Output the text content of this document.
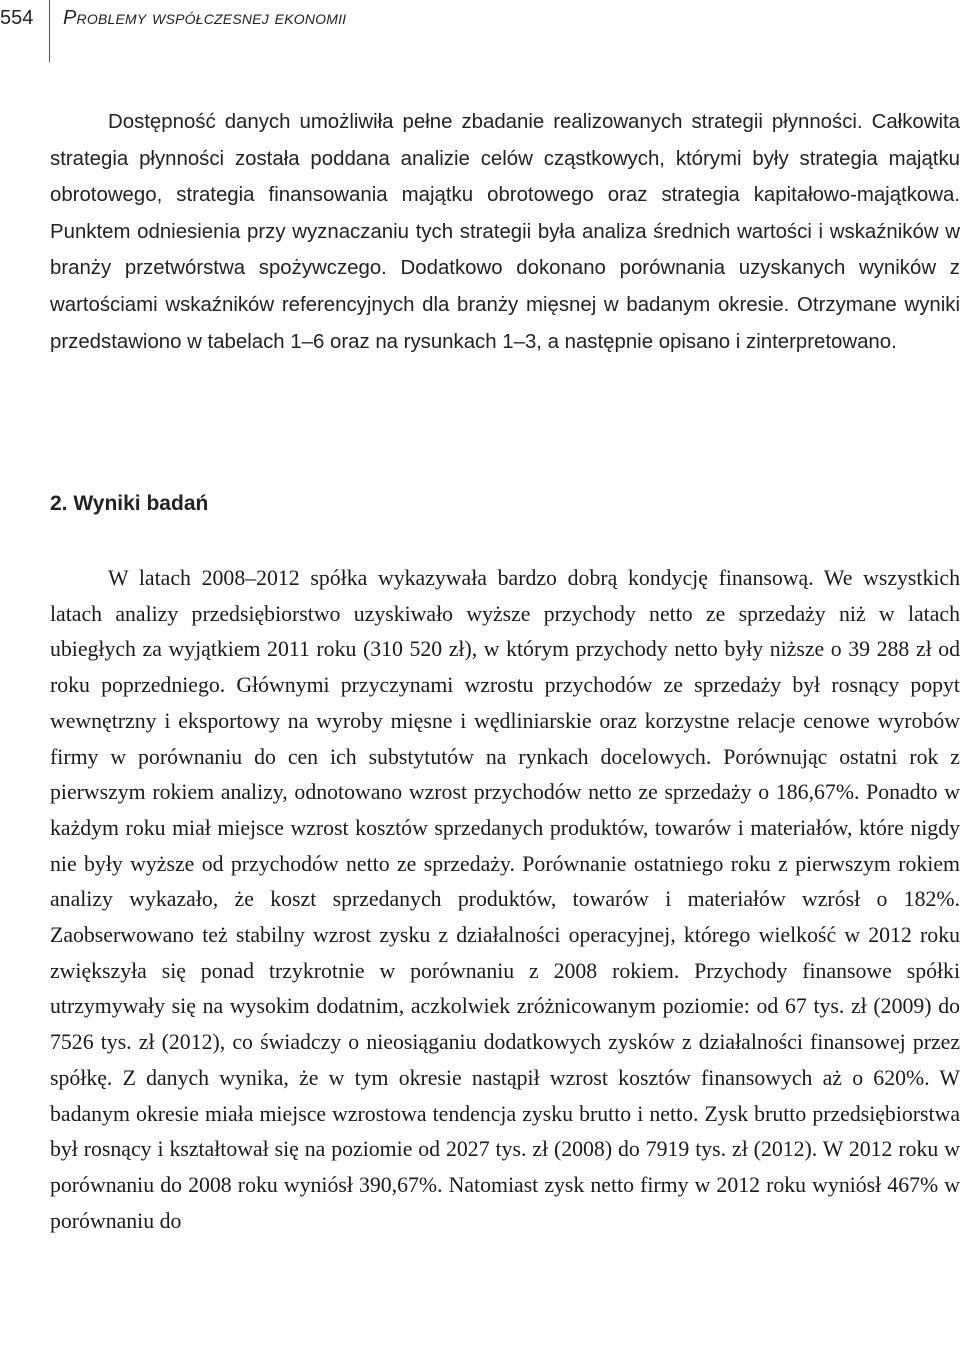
554 Problemy współczesnej ekonomii

Dostępność danych umożliwiła pełne zbadanie realizowanych strategii płynności. Całkowita strategia płynności została poddana analizie celów cząstkowych, którymi były strategia majątku obrotowego, strategia finansowania majątku obrotowego oraz strategia kapitałowo-majątkowa. Punktem odniesienia przy wyznaczaniu tych strategii była analiza średnich wartości i wskaźników w branży przetwórstwa spożywczego. Dodatkowo dokonano porównania uzyskanych wyników z wartościami wskaźników referencyjnych dla branży mięsnej w badanym okresie. Otrzymane wyniki przedstawiono w tabelach 1–6 oraz na rysunkach 1–3, a następnie opisano i zinterpretowano.

2. Wyniki badań

W latach 2008–2012 spółka wykazywała bardzo dobrą kondycję finansową. We wszystkich latach analizy przedsiębiorstwo uzyskiwało wyższe przychody netto ze sprzedaży niż w latach ubiegłych za wyjątkiem 2011 roku (310 520 zł), w którym przychody netto były niższe o 39 288 zł od roku poprzedniego. Głównymi przyczynami wzrostu przychodów ze sprzedaży był rosnący popyt wewnętrzny i eksportowy na wyroby mięsne i wędliniarskie oraz korzystne relacje cenowe wyrobów firmy w porównaniu do cen ich substytutów na rynkach docelowych. Porównując ostatni rok z pierwszym rokiem analizy, odnotowano wzrost przychodów netto ze sprzedaży o 186,67%. Ponadto w każdym roku miał miejsce wzrost kosztów sprzedanych produktów, towarów i materiałów, które nigdy nie były wyższe od przychodów netto ze sprzedaży. Porównanie ostatniego roku z pierwszym rokiem analizy wykazało, że koszt sprzedanych produktów, towarów i materiałów wzrósł o 182%. Zaobserwowano też stabilny wzrost zysku z działalności operacyjnej, którego wielkość w 2012 roku zwiększyła się ponad trzykrotnie w porównaniu z 2008 rokiem. Przychody finansowe spółki utrzymywały się na wysokim dodatnim, aczkolwiek zróżnicowanym poziomie: od 67 tys. zł (2009) do 7526 tys. zł (2012), co świadczy o nieosiąganiu dodatkowych zysków z działalności finansowej przez spółkę. Z danych wynika, że w tym okresie nastąpił wzrost kosztów finansowych aż o 620%. W badanym okresie miała miejsce wzrostowa tendencja zysku brutto i netto. Zysk brutto przedsiębiorstwa był rosnący i kształtował się na poziomie od 2027 tys. zł (2008) do 7919 tys. zł (2012). W 2012 roku w porównaniu do 2008 roku wyniósł 390,67%. Natomiast zysk netto firmy w 2012 roku wyniósł 467% w porównaniu do
